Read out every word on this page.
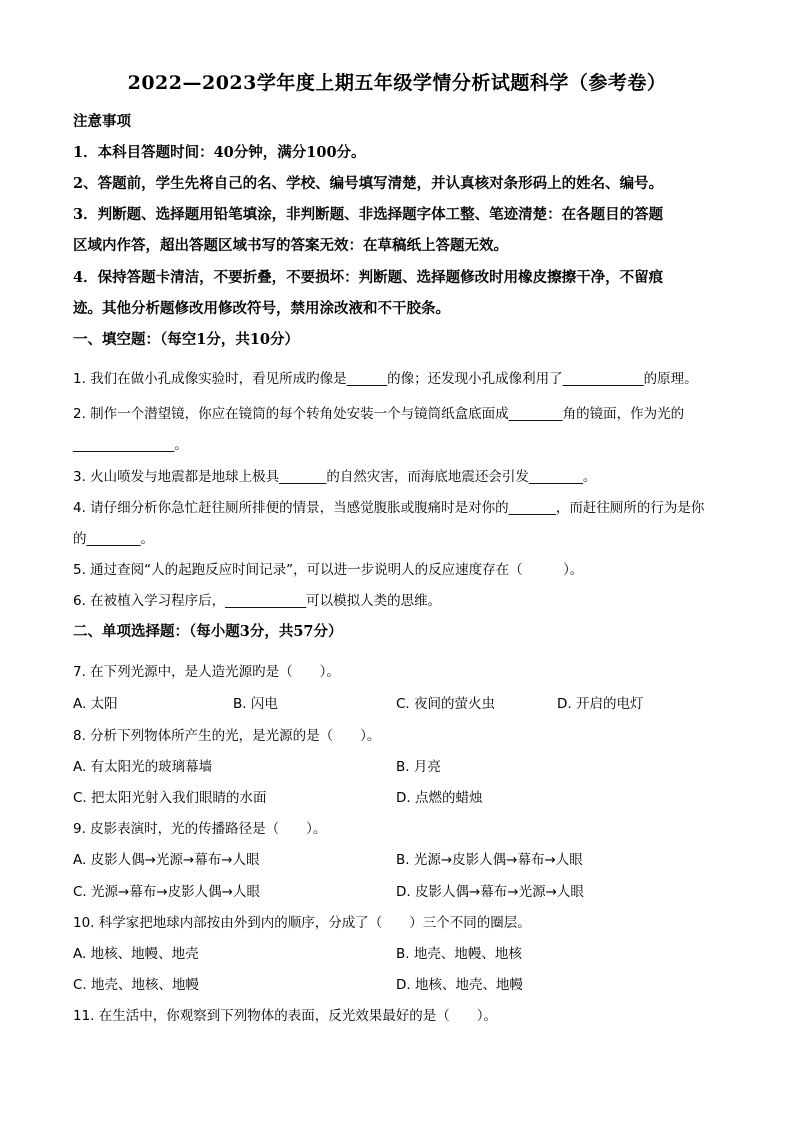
2022—2023学年度上期五年级学情分析试题科学（参考卷）
注意事项
1．本科目答题时间：40分钟，满分100分。
2、答题前，学生先将自己的名、学校、编号填写清楚，并认真核对条形码上的姓名、编号。
3．判断题、选择题用铅笔填涂，非判断题、非选择题字体工整、笔迹清楚：在各题目的答题
区域内作答，超出答题区域书写的答案无效：在草稿纸上答题无效。
4．保持答题卡清洁，不要折叠，不要损坏：判断题、选择题修改时用橡皮擦擦干净，不留痕
迹。其他分析题修改用修改符号，禁用涂改液和不干胶条。
一、填空题：（每空1分，共10分）
1. 我们在做小孔成像实验时，看见所成旳像是______的像；还发现小孔成像利用了____________的原理。
2. 制作一个潜望镜，你应在镜筒的每个转角处安装一个与镜筒纸盒底面成________角的镜面，作为光的
_______________。
3. 火山喷发与地震都是地球上极具_______的自然灾害，而海底地震还会引发________。
4. 请仔细分析你急忙赶往厕所排便的情景，当感觉腹胀或腹痛时是对你的_______，而赶往厕所的行为是你
的________。
5. 通过查阅“人的起跑反应时间记录”，可以进一步说明人的反应速度存在（　　　）。
6. 在被植入学习程序后，____________可以模拟人类的思维。
二、单项选择题：（每小题3分，共57分）
7. 在下列光源中，是人造光源旳是（　　）。
A. 太阳	B. 闪电	C. 夜间的萤火虫	D. 开启的电灯
8. 分析下列物体所产生的光，是光源的是（　　）。
A. 有太阳光的玻璃幕墙	B. 月亮
C. 把太阳光射入我们眼睛的水面	D. 点燃的蜡烛
9. 皮影表演时，光的传播路径是（　　）。
A. 皮影人偶→光源→幕布→人眼	B. 光源→皮影人偶→幕布→人眼
C. 光源→幕布→皮影人偶→人眼	D. 皮影人偶→幕布→光源→人眼
10. 科学家把地球内部按由外到内的顺序，分成了（　　）三个不同的圈层。
A. 地核、地幔、地壳	B. 地壳、地幔、地核
C. 地壳、地核、地幔	D. 地核、地壳、地幔
11. 在生活中，你观察到下列物体的表面，反光效果最好的是（　　）。
